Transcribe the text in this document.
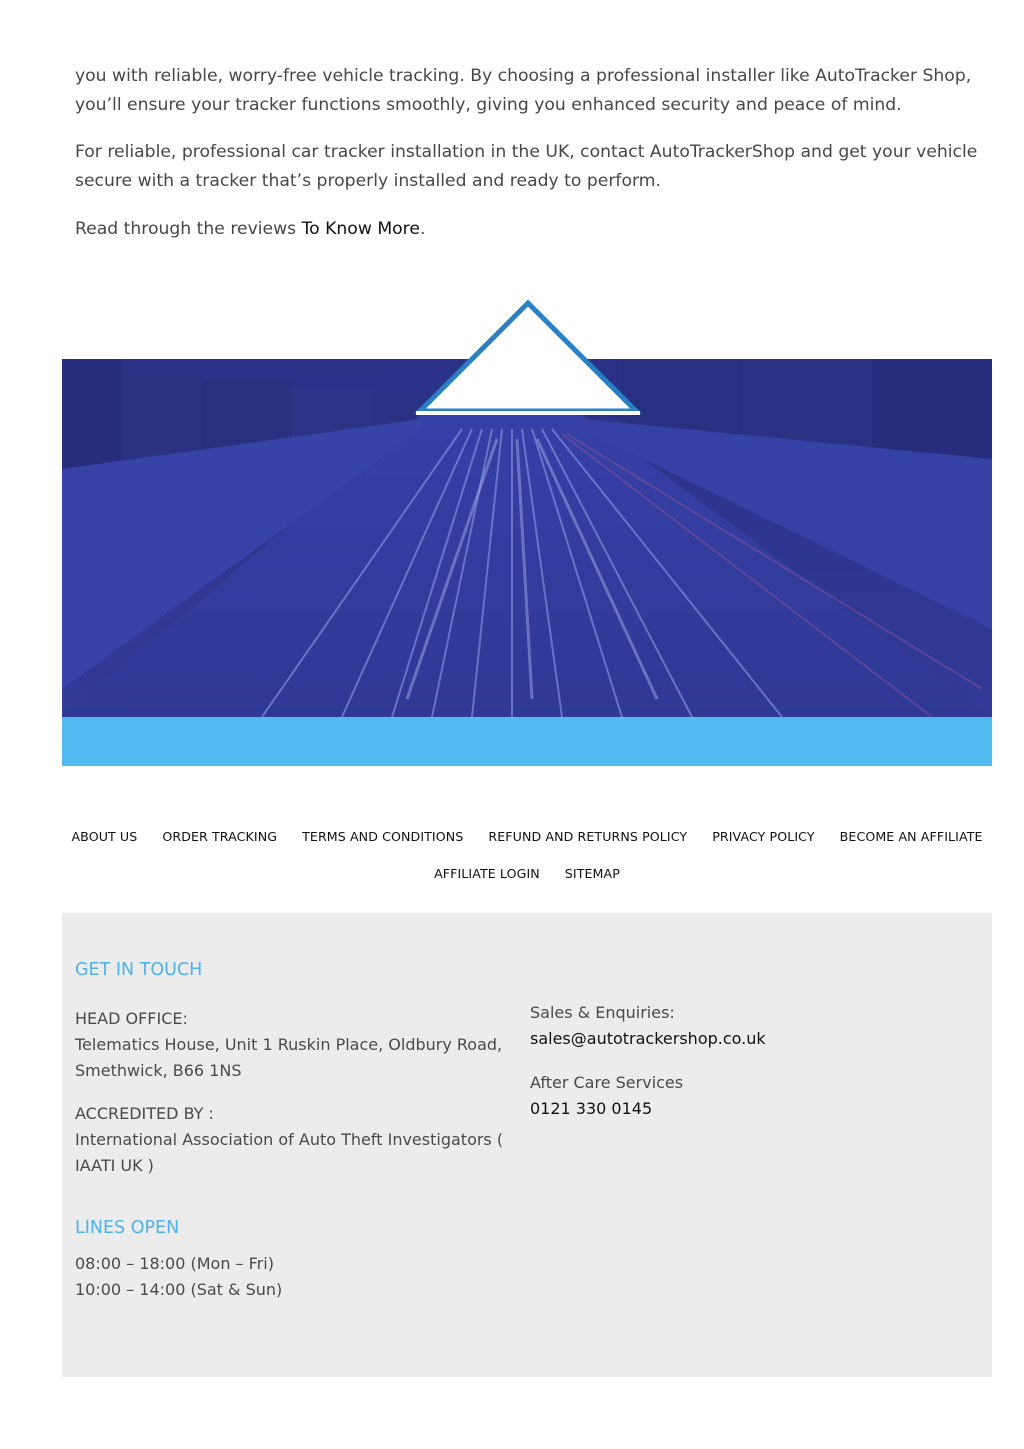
you with reliable, worry-free vehicle tracking. By choosing a professional installer like AutoTracker Shop, you’ll ensure your tracker functions smoothly, giving you enhanced security and peace of mind.

For reliable, professional car tracker installation in the UK, contact AutoTrackerShop and get your vehicle secure with a tracker that’s properly installed and ready to perform.

Read through the reviews To Know More.

ABOUT US	ORDER TRACKING	TERMS AND CONDITIONS	REFUND AND RETURNS POLICY	PRIVACY POLICY	BECOME AN AFFILIATE
AFFILIATE LOGIN	SITEMAP
GET IN TOUCH

HEAD OFFICE:
Telematics House, Unit 1 Ruskin Place, Oldbury Road,
Smethwick, B66 1NS

ACCREDITED BY :
International Association of Auto Theft Investigators (
IAATI UK )

LINES OPEN

08:00 – 18:00 (Mon – Fri)
10:00 – 14:00 (Sat & Sun)

Sales & Enquiries:
sales@autotrackershop.co.uk

After Care Services
0121 330 0145
